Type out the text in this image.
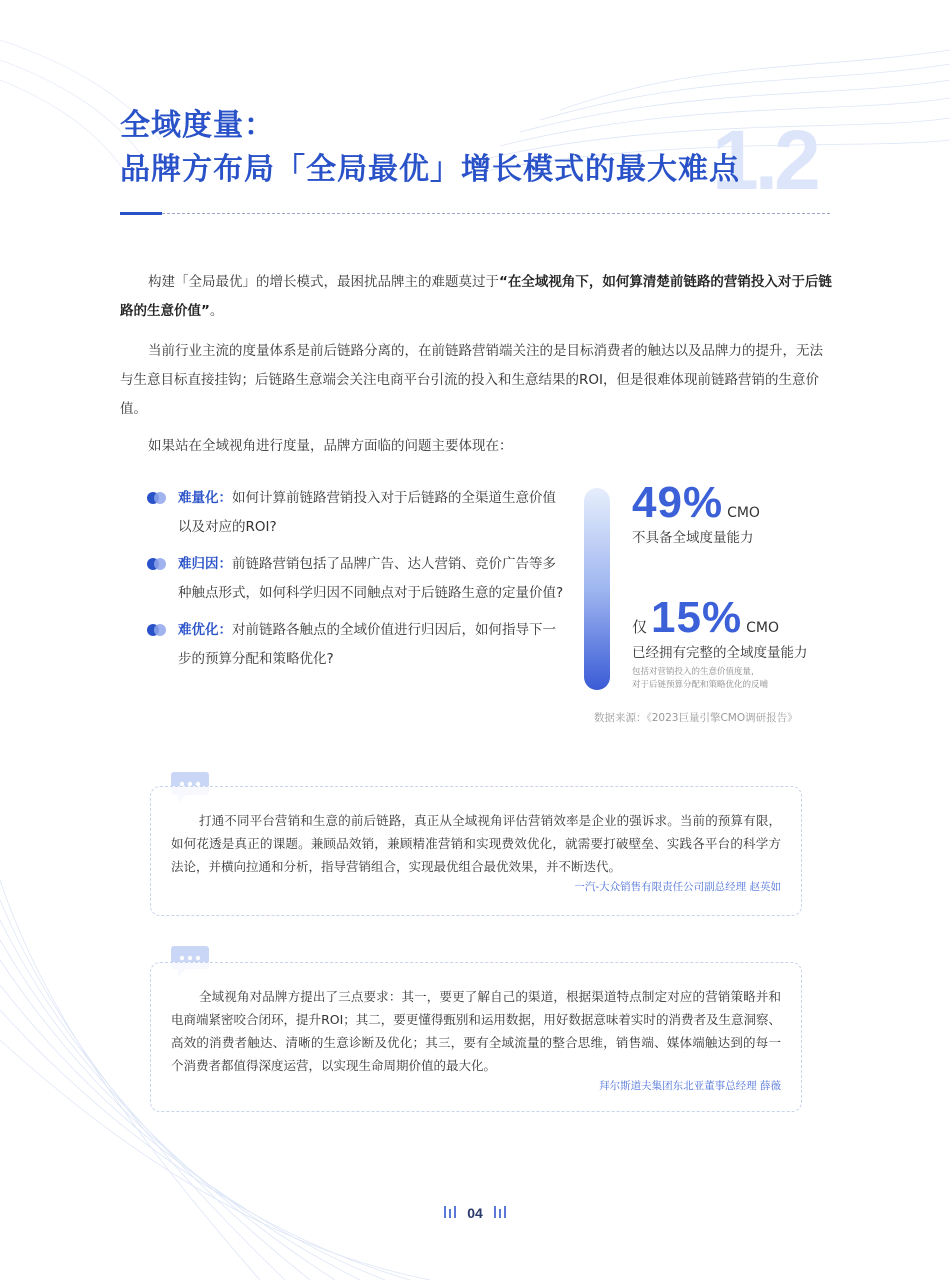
1.2
全域度量：
品牌方布局「全局最优」增长模式的最大难点

构建「全局最优」的增长模式，最困扰品牌主的难题莫过于“在全域视角下，如何算清楚前链路的营销投入对于后链路的生意价值”。

当前行业主流的度量体系是前后链路分离的，在前链路营销端关注的是目标消费者的触达以及品牌力的提升，无法与生意目标直接挂钩；后链路生意端会关注电商平台引流的投入和生意结果的ROI，但是很难体现前链路营销的生意价值。

如果站在全域视角进行度量，品牌方面临的问题主要体现在：

难量化：如何计算前链路营销投入对于后链路的全渠道生意价值以及对应的ROI?
难归因：前链路营销包括了品牌广告、达人营销、竞价广告等多种触点形式，如何科学归因不同触点对于后链路生意的定量价值?
难优化：对前链路各触点的全域价值进行归因后，如何指导下一步的预算分配和策略优化?
49% CMO
不具备全域度量能力
仅15% CMO
已经拥有完整的全域度量能力
包括对营销投入的生意价值度量，
对于后链预算分配和策略优化的反哺
数据来源：《2023巨量引擎CMO调研报告》

打通不同平台营销和生意的前后链路，真正从全域视角评估营销效率是企业的强诉求。当前的预算有限，如何花透是真正的课题。兼顾品效销，兼顾精准营销和实现费效优化，就需要打破壁垒、实践各平台的科学方法论，并横向拉通和分析，指导营销组合，实现最优组合最优效果，并不断迭代。

一汽-大众销售有限责任公司副总经理 赵英如

全域视角对品牌方提出了三点要求：其一，要更了解自己的渠道，根据渠道特点制定对应的营销策略并和电商端紧密咬合闭环，提升ROI；其二，要更懂得甄别和运用数据，用好数据意味着实时的消费者及生意洞察、高效的消费者触达、清晰的生意诊断及优化；其三，要有全域流量的整合思维，销售端、媒体端触达到的每一个消费者都值得深度运营，以实现生命周期价值的最大化。

拜尔斯道夫集团东北亚董事总经理 薛薇
04
